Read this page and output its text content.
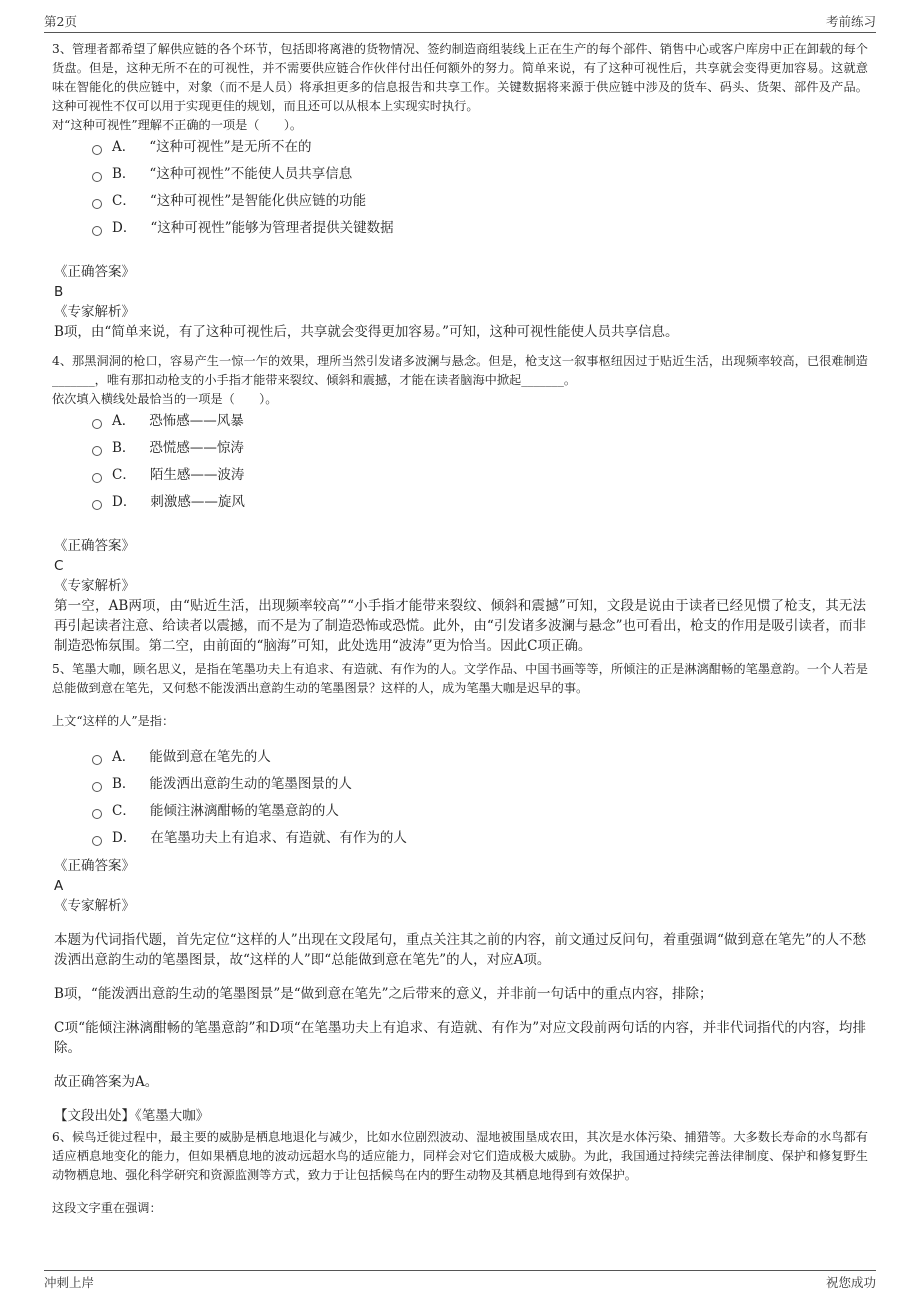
第2页	考前练习

3、管理者都希望了解供应链的各个环节，包括即将离港的货物情况、签约制造商组装线上正在生产的每个部件、销售中心或客户库房中正在卸载的每个货盘。但是，这种无所不在的可视性，并不需要供应链合作伙伴付出任何额外的努力。简单来说，有了这种可视性后，共享就会变得更加容易。这就意味在智能化的供应链中，对象（而不是人员）将承担更多的信息报告和共享工作。关键数据将来源于供应链中涉及的货车、码头、货架、部件及产品。这种可视性不仅可以用于实现更佳的规划，而且还可以从根本上实现实时执行。

对“这种可视性”理解不正确的一项是（　　）。

A． “这种可视性”是无所不在的
B． “这种可视性”不能使人员共享信息
C． “这种可视性”是智能化供应链的功能
D． “这种可视性”能够为管理者提供关键数据
《正确答案》
B
《专家解析》

B项，由“简单来说，有了这种可视性后，共享就会变得更加容易。”可知，这种可视性能使人员共享信息。

4、那黑洞洞的枪口，容易产生一惊一乍的效果，理所当然引发诸多波澜与悬念。但是，枪支这一叙事枢纽因过于贴近生活，出现频率较高，已很难制造_______，唯有那扣动枪支的小手指才能带来裂纹、倾斜和震撼，才能在读者脑海中掀起_______。

依次填入横线处最恰当的一项是（　　）。

A． 恐怖感——风暴
B． 恐慌感——惊涛
C． 陌生感——波涛
D． 刺激感——旋风
《正确答案》
C
《专家解析》

第一空，AB两项，由“贴近生活，出现频率较高”“小手指才能带来裂纹、倾斜和震撼”可知，文段是说由于读者已经见惯了枪支，其无法再引起读者注意、给读者以震撼，而不是为了制造恐怖或恐慌。此外，由“引发诸多波澜与悬念”也可看出，枪支的作用是吸引读者，而非制造恐怖氛围。第二空，由前面的“脑海”可知，此处选用“波涛”更为恰当。因此C项正确。

5、笔墨大咖，顾名思义，是指在笔墨功夫上有追求、有造就、有作为的人。文学作品、中国书画等等，所倾注的正是淋漓酣畅的笔墨意韵。一个人若是总能做到意在笔先，又何愁不能泼洒出意韵生动的笔墨图景？这样的人，成为笔墨大咖是迟早的事。

上文“这样的人”是指：

A． 能做到意在笔先的人
B． 能泼洒出意韵生动的笔墨图景的人
C． 能倾注淋漓酣畅的笔墨意韵的人
D． 在笔墨功夫上有追求、有造就、有作为的人
《正确答案》
A
《专家解析》

本题为代词指代题，首先定位“这样的人”出现在文段尾句，重点关注其之前的内容，前文通过反问句，着重强调“做到意在笔先”的人不愁泼洒出意韵生动的笔墨图景，故“这样的人”即“总能做到意在笔先”的人，对应A项。

B项，“能泼洒出意韵生动的笔墨图景”是“做到意在笔先”之后带来的意义，并非前一句话中的重点内容，排除；

C项“能倾注淋漓酣畅的笔墨意韵”和D项“在笔墨功夫上有追求、有造就、有作为”对应文段前两句话的内容，并非代词指代的内容，均排除。

故正确答案为A。

【文段出处】《笔墨大咖》

6、候鸟迁徙过程中，最主要的威胁是栖息地退化与减少，比如水位剧烈波动、湿地被围垦成农田，其次是水体污染、捕猎等。大多数长寿命的水鸟都有适应栖息地变化的能力，但如果栖息地的波动远超水鸟的适应能力，同样会对它们造成极大威胁。为此，我国通过持续完善法律制度、保护和修复野生动物栖息地、强化科学研究和资源监测等方式，致力于让包括候鸟在内的野生动物及其栖息地得到有效保护。

这段文字重在强调：

冲刺上岸	祝您成功
